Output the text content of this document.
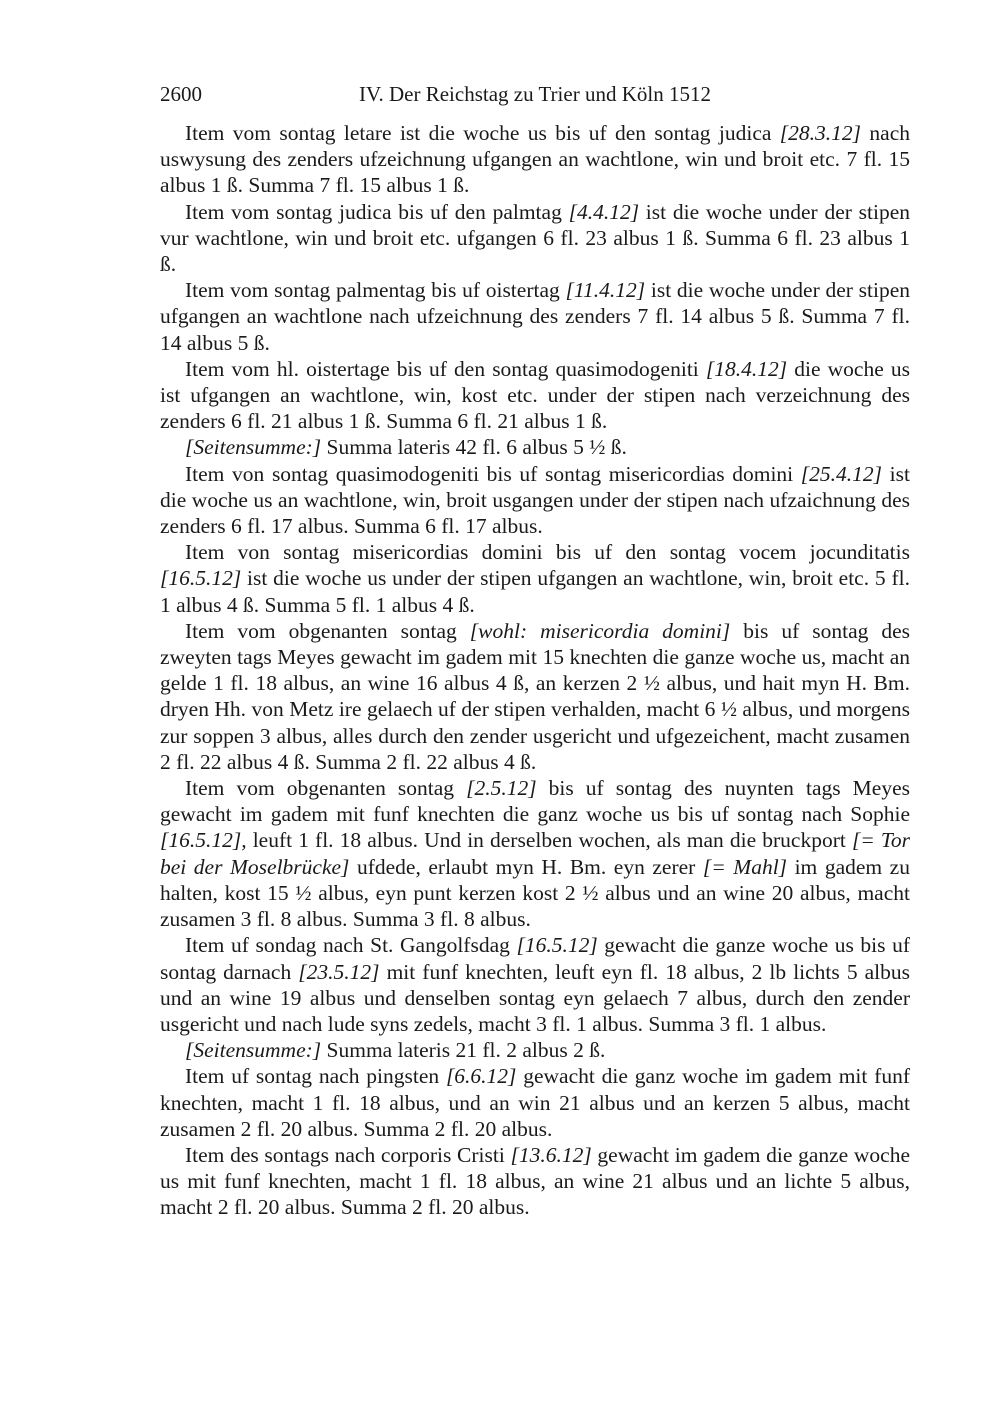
2600	IV. Der Reichstag zu Trier und Köln 1512

Item vom sontag letare ist die woche us bis uf den sontag judica [28.3.12] nach uswysung des zenders ufzeichnung ufgangen an wachtlone, win und broit etc. 7 fl. 15 albus 1 ß. Summa 7 fl. 15 albus 1 ß.

Item vom sontag judica bis uf den palmtag [4.4.12] ist die woche under der stipen vur wachtlone, win und broit etc. ufgangen 6 fl. 23 albus 1 ß. Summa 6 fl. 23 albus 1 ß.

Item vom sontag palmentag bis uf oistertag [11.4.12] ist die woche under der stipen ufgangen an wachtlone nach ufzeichnung des zenders 7 fl. 14 albus 5 ß. Summa 7 fl. 14 albus 5 ß.

Item vom hl. oistertage bis uf den sontag quasimodogeniti [18.4.12] die woche us ist ufgangen an wachtlone, win, kost etc. under der stipen nach verzeichnung des zenders 6 fl. 21 albus 1 ß. Summa 6 fl. 21 albus 1 ß.

[Seitensumme:] Summa lateris 42 fl. 6 albus 5 ½ ß.

Item von sontag quasimodogeniti bis uf sontag misericordias domini [25.4.12] ist die woche us an wachtlone, win, broit usgangen under der stipen nach ufzaichnung des zenders 6 fl. 17 albus. Summa 6 fl. 17 albus.

Item von sontag misericordias domini bis uf den sontag vocem jocunditatis [16.5.12] ist die woche us under der stipen ufgangen an wachtlone, win, broit etc. 5 fl. 1 albus 4 ß. Summa 5 fl. 1 albus 4 ß.

Item vom obgenanten sontag [wohl: misericordia domini] bis uf sontag des zweyten tags Meyes gewacht im gadem mit 15 knechten die ganze woche us, macht an gelde 1 fl. 18 albus, an wine 16 albus 4 ß, an kerzen 2 ½ albus, und hait myn H. Bm. dryen Hh. von Metz ire gelaech uf der stipen verhalden, macht 6 ½ albus, und morgens zur soppen 3 albus, alles durch den zender usgericht und ufgezeichent, macht zusamen 2 fl. 22 albus 4 ß. Summa 2 fl. 22 albus 4 ß.

Item vom obgenanten sontag [2.5.12] bis uf sontag des nuynten tags Meyes gewacht im gadem mit funf knechten die ganz woche us bis uf sontag nach Sophie [16.5.12], leuft 1 fl. 18 albus. Und in derselben wochen, als man die bruckport [= Tor bei der Moselbrücke] ufdede, erlaubt myn H. Bm. eyn zerer [= Mahl] im gadem zu halten, kost 15 ½ albus, eyn punt kerzen kost 2 ½ albus und an wine 20 albus, macht zusamen 3 fl. 8 albus. Summa 3 fl. 8 albus.

Item uf sondag nach St. Gangolfsdag [16.5.12] gewacht die ganze woche us bis uf sontag darnach [23.5.12] mit funf knechten, leuft eyn fl. 18 albus, 2 lb lichts 5 albus und an wine 19 albus und denselben sontag eyn gelaech 7 albus, durch den zender usgericht und nach lude syns zedels, macht 3 fl. 1 albus. Summa 3 fl. 1 albus.

[Seitensumme:] Summa lateris 21 fl. 2 albus 2 ß.

Item uf sontag nach pingsten [6.6.12] gewacht die ganz woche im gadem mit funf knechten, macht 1 fl. 18 albus, und an win 21 albus und an kerzen 5 albus, macht zusamen 2 fl. 20 albus. Summa 2 fl. 20 albus.

Item des sontags nach corporis Cristi [13.6.12] gewacht im gadem die ganze woche us mit funf knechten, macht 1 fl. 18 albus, an wine 21 albus und an lichte 5 albus, macht 2 fl. 20 albus. Summa 2 fl. 20 albus.
